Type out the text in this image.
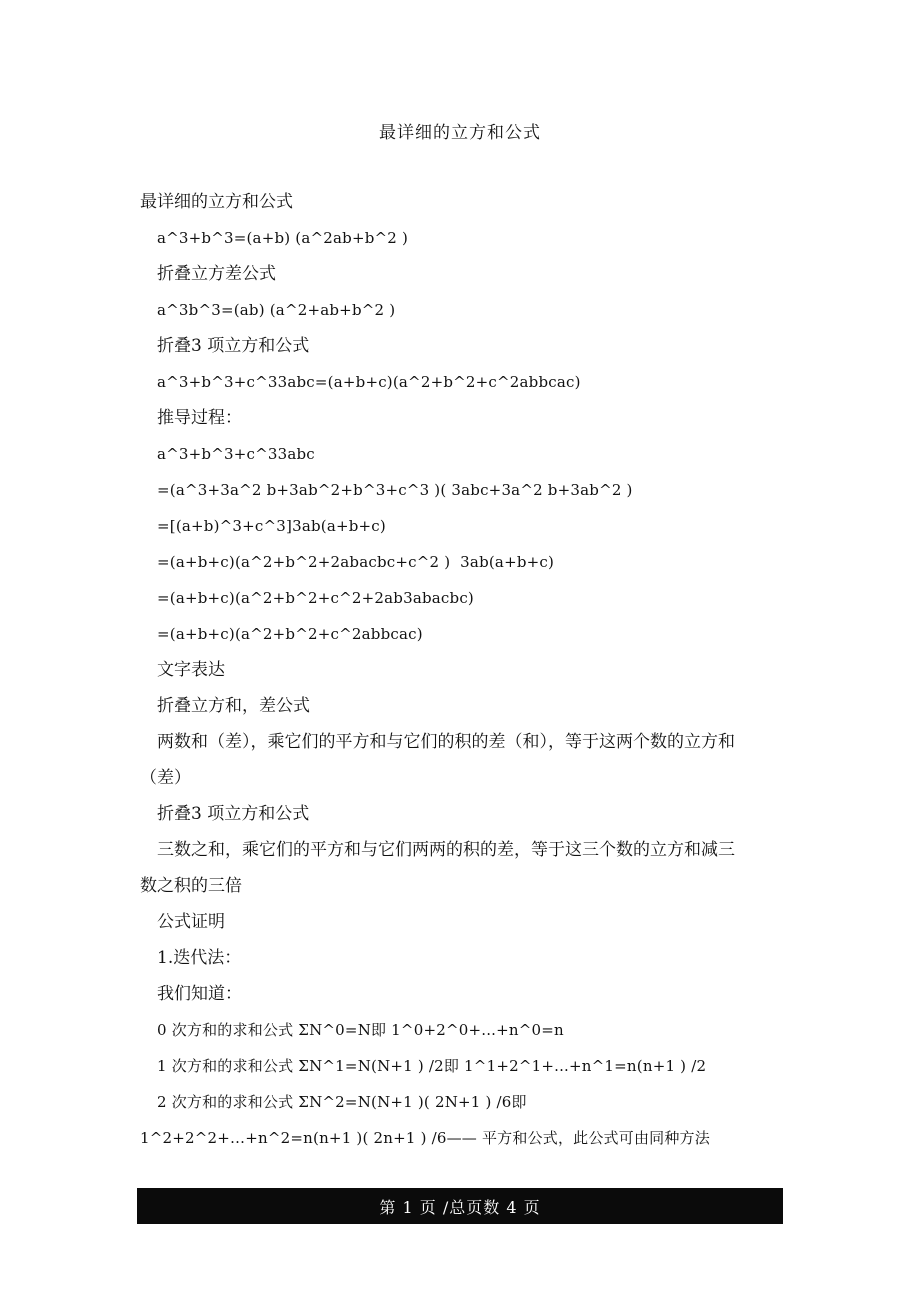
最详细的立方和公式
最详细的立方和公式
a^3+b^3=(a+b) (a^2ab+b^2 )
折叠立方差公式
a^3b^3=(ab) (a^2+ab+b^2 )
折叠3 项立方和公式
a^3+b^3+c^33abc=(a+b+c)(a^2+b^2+c^2abbcac)
推导过程：
a^3+b^3+c^33abc
=(a^3+3a^2 b+3ab^2+b^3+c^3 )( 3abc+3a^2 b+3ab^2 )
=[(a+b)^3+c^3]3ab(a+b+c)
=(a+b+c)(a^2+b^2+2abacbc+c^2 )  3ab(a+b+c)
=(a+b+c)(a^2+b^2+c^2+2ab3abacbc)
=(a+b+c)(a^2+b^2+c^2abbcac)
文字表达
折叠立方和，差公式
两数和（差），乘它们的平方和与它们的积的差（和），等于这两个数的立方和
（差）
折叠3 项立方和公式
三数之和，乘它们的平方和与它们两两的积的差，等于这三个数的立方和减三
数之积的三倍
公式证明
1.迭代法：
我们知道：
0 次方和的求和公式 ΣN^0=N即 1^0+2^0+...+n^0=n
1 次方和的求和公式 ΣN^1=N(N+1 ) /2即 1^1+2^1+...+n^1=n(n+1 ) /2
2 次方和的求和公式 ΣN^2=N(N+1 )( 2N+1 ) /6即
1^2+2^2+…+n^2=n(n+1 )( 2n+1 ) /6—— 平方和公式，此公式可由同种方法
第 1 页 /总页数 4 页
